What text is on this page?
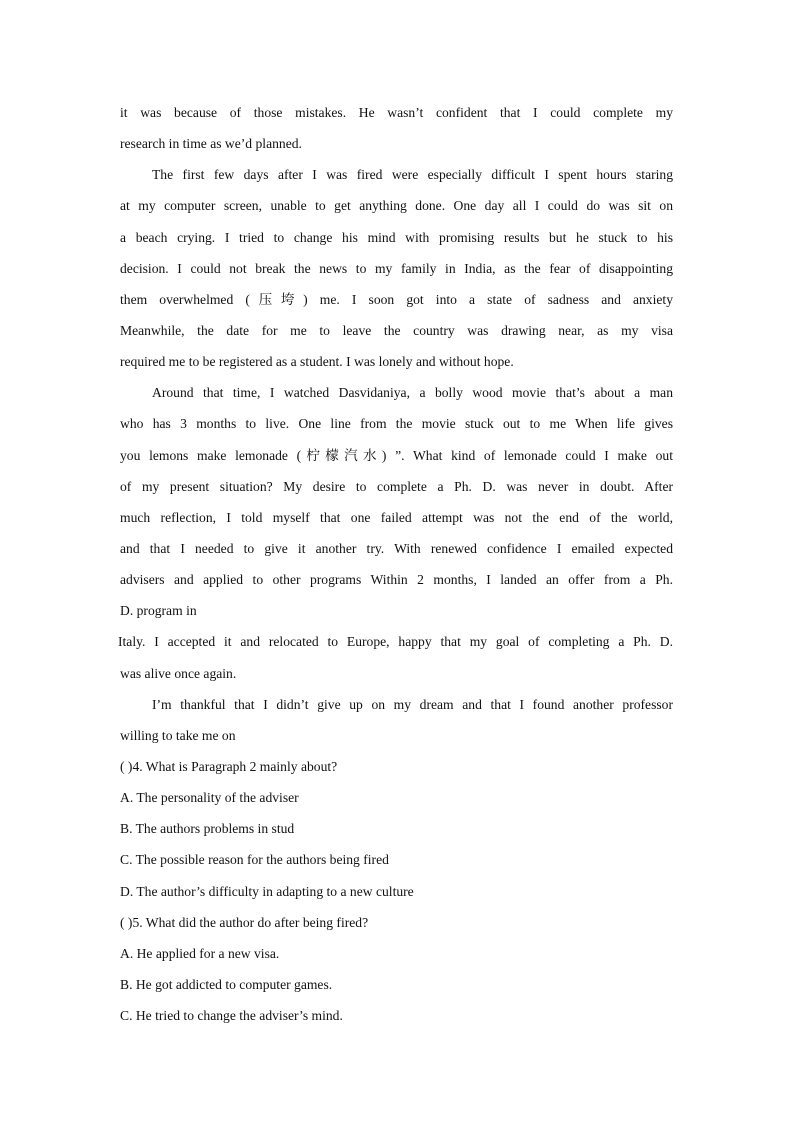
it was because of those mistakes. He wasn’t confident that I could complete my
research in time as we’d planned.
The first few days after I was fired were especially difficult I spent hours staring
at my computer screen, unable to get anything done. One day all I could do was sit on
a beach crying. I tried to change his mind with promising results but he stuck to his
decision. I could not break the news to my family in India, as the fear of disappointing
them overwhelmed (压垮) me. I soon got into a state of sadness and anxiety
Meanwhile, the date for me to leave the country was drawing near, as my visa
required me to be registered as a student. I was lonely and without hope.
Around that time, I watched Dasvidaniya, a bolly wood movie that’s about a man
who has 3 months to live. One line from the movie stuck out to me When life gives
you lemons make lemonade (柠檬汽水) ”. What kind of lemonade could I make out
of my present situation? My desire to complete a Ph. D. was never in doubt. After
much reflection, I told myself that one failed attempt was not the end of the world,
and that I needed to give it another try. With renewed confidence I emailed expected
advisers and applied to other programs Within 2 months, I landed an offer from a Ph.
D. program in
Italy. I accepted it and relocated to Europe, happy that my goal of completing a Ph. D.
was alive once again.
I’m thankful that I didn’t give up on my dream and that I found another professor
willing to take me on
( )4. What is Paragraph 2 mainly about?
A. The personality of the adviser
B. The authors problems in stud
C. The possible reason for the authors being fired
D. The author’s difficulty in adapting to a new culture
( )5. What did the author do after being fired?
A. He applied for a new visa.
B. He got addicted to computer games.
C. He tried to change the adviser’s mind.
